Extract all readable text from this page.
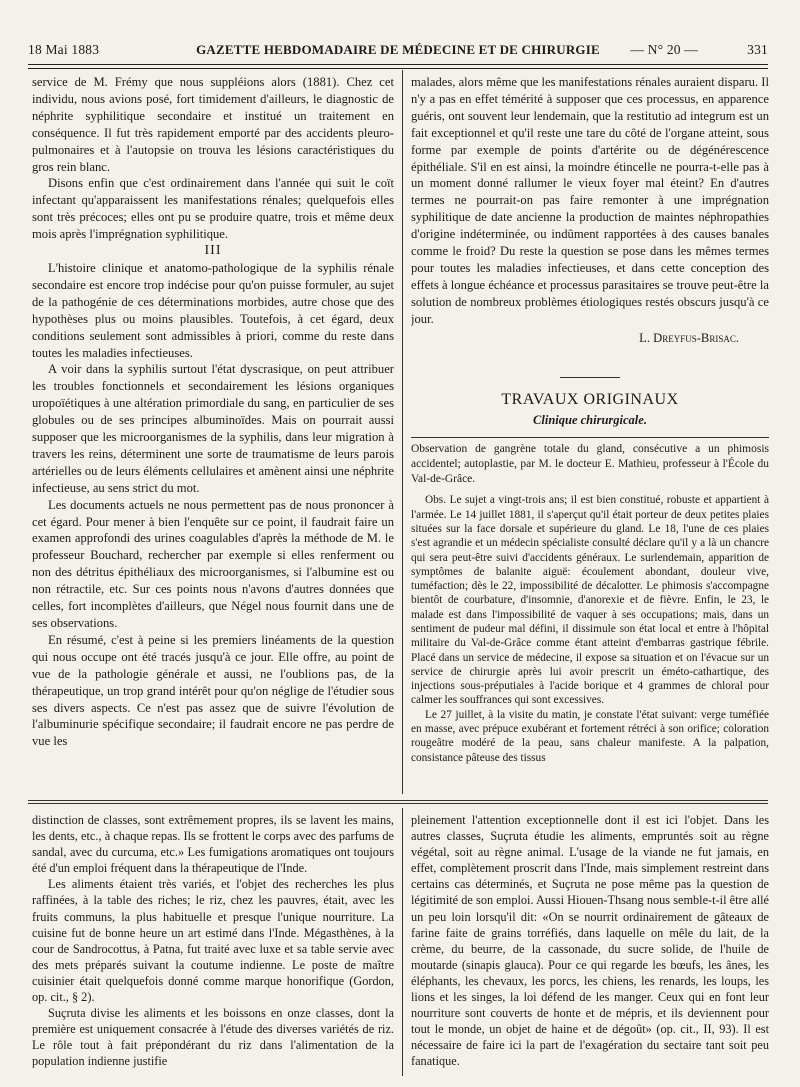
18 Mai 1883	GAZETTE HEBDOMADAIRE DE MÉDECINE ET DE CHIRURGIE	— N° 20 —	331

service de M. Frémy que nous suppléions alors (1881). Chez cet individu, nous avions posé, fort timidement d'ailleurs, le diagnostic de néphrite syphilitique secondaire et institué un traitement en conséquence. Il fut très rapidement emporté par des accidents pleuro-pulmonaires et à l'autopsie on trouva les lésions caractéristiques du gros rein blanc.

Disons enfin que c'est ordinairement dans l'année qui suit le coït infectant qu'apparaissent les manifestations rénales; quelquefois elles sont très précoces; elles ont pu se produire quatre, trois et même deux mois après l'imprégnation syphilitique.

III

L'histoire clinique et anatomo-pathologique de la syphilis rénale secondaire est encore trop indécise pour qu'on puisse formuler, au sujet de la pathogénie de ces déterminations morbides, autre chose que des hypothèses plus ou moins plausibles. Toutefois, à cet égard, deux conditions seulement sont admissibles à priori, comme du reste dans toutes les maladies infectieuses.

A voir dans la syphilis surtout l'état dyscrasique, on peut attribuer les troubles fonctionnels et secondairement les lésions organiques uropoïétiques à une altération primordiale du sang, en particulier de ses globules ou de ses principes albuminoïdes. Mais on pourrait aussi supposer que les microorganismes de la syphilis, dans leur migration à travers les reins, déterminent une sorte de traumatisme de leurs parois artérielles ou de leurs éléments cellulaires et amènent ainsi une néphrite infectieuse, au sens strict du mot.

Les documents actuels ne nous permettent pas de nous prononcer à cet égard. Pour mener à bien l'enquête sur ce point, il faudrait faire un examen approfondi des urines coagulables d'après la méthode de M. le professeur Bouchard, rechercher par exemple si elles renferment ou non des détritus épithéliaux des microorganismes, si l'albumine est ou non rétractile, etc. Sur ces points nous n'avons d'autres données que celles, fort incomplètes d'ailleurs, que Négel nous fournit dans une de ses observations.

En résumé, c'est à peine si les premiers linéaments de la question qui nous occupe ont été tracés jusqu'à ce jour. Elle offre, au point de vue de la pathologie générale et aussi, ne l'oublions pas, de la thérapeutique, un trop grand intérêt pour qu'on néglige de l'étudier sous ses divers aspects. Ce n'est pas assez que de suivre l'évolution de l'albuminurie spécifique secondaire; il faudrait encore ne pas perdre de vue les

malades, alors même que les manifestations rénales auraient disparu. Il n'y a pas en effet témérité à supposer que ces processus, en apparence guéris, ont souvent leur lendemain, que la restitutio ad integrum est un fait exceptionnel et qu'il reste une tare du côté de l'organe atteint, sous forme par exemple de points d'artérite ou de dégénérescence épithéliale. S'il en est ainsi, la moindre étincelle ne pourra-t-elle pas à un moment donné rallumer le vieux foyer mal éteint? En d'autres termes ne pourrait-on pas faire remonter à une imprégnation syphilitique de date ancienne la production de maintes néphropathies d'origine indéterminée, ou indûment rapportées à des causes banales comme le froid? Du reste la question se pose dans les mêmes termes pour toutes les maladies infectieuses, et dans cette conception des effets à longue échéance et processus parasitaires se trouve peut-être la solution de nombreux problèmes étiologiques restés obscurs jusqu'à ce jour.

L. Dreyfus-Brisac.
TRAVAUX ORIGINAUX
Clinique chirurgicale.
Observation de gangrène totale du gland, consécutive a un phimosis accidentel; autoplastie, par M. le docteur E. Mathieu, professeur à l'École du Val-de-Grâce.

Obs. Le sujet a vingt-trois ans; il est bien constitué, robuste et appartient à l'armée. Le 14 juillet 1881, il s'aperçut qu'il était porteur de deux petites plaies situées sur la face dorsale et supérieure du gland. Le 18, l'une de ces plaies s'est agrandie et un médecin spécialiste consulté déclare qu'il y a là un chancre qui sera peut-être suivi d'accidents généraux. Le surlendemain, apparition de symptômes de balanite aiguë: écoulement abondant, douleur vive, tuméfaction; dès le 22, impossibilité de décalotter. Le phimosis s'accompagne bientôt de courbature, d'insomnie, d'anorexie et de fièvre. Enfin, le 23, le malade est dans l'impossibilité de vaquer à ses occupations; mais, dans un sentiment de pudeur mal défini, il dissimule son état local et entre à l'hôpital militaire du Val-de-Grâce comme étant atteint d'embarras gastrique fébrile. Placé dans un service de médecine, il expose sa situation et on l'évacue sur un service de chirurgie après lui avoir prescrit un éméto-cathartique, des injections sous-préputiales à l'acide borique et 4 grammes de chloral pour calmer les souffrances qui sont excessives.

Le 27 juillet, à la visite du matin, je constate l'état suivant: verge tuméfiée en masse, avec prépuce exubérant et fortement rétréci à son orifice; coloration rougeâtre modéré de la peau, sans chaleur manifeste. A la palpation, consistance pâteuse des tissus

distinction de classes, sont extrêmement propres, ils se lavent les mains, les dents, etc., à chaque repas. Ils se frottent le corps avec des parfums de sandal, avec du curcuma, etc.» Les fumigations aromatiques ont toujours été d'un emploi fréquent dans la thérapeutique de l'Inde.

Les aliments étaient très variés, et l'objet des recherches les plus raffinées, à la table des riches; le riz, chez les pauvres, était, avec les fruits communs, la plus habituelle et presque l'unique nourriture. La cuisine fut de bonne heure un art estimé dans l'Inde. Mégasthènes, à la cour de Sandrocottus, à Patna, fut traité avec luxe et sa table servie avec des mets préparés suivant la coutume indienne. Le poste de maître cuisinier était quelquefois donné comme marque honorifique (Gordon, op. cit., § 2).

Suçruta divise les aliments et les boissons en onze classes, dont la première est uniquement consacrée à l'étude des diverses variétés de riz. Le rôle tout à fait prépondérant du riz dans l'alimentation de la population indienne justifie

pleinement l'attention exceptionnelle dont il est ici l'objet. Dans les autres classes, Suçruta étudie les aliments, empruntés soit au règne végétal, soit au règne animal. L'usage de la viande ne fut jamais, en effet, complètement proscrit dans l'Inde, mais simplement restreint dans certains cas déterminés, et Suçruta ne pose même pas la question de légitimité de son emploi. Aussi Hiouen-Thsang nous semble-t-il être allé un peu loin lorsqu'il dit: «On se nourrit ordinairement de gâteaux de farine faite de grains torréfiés, dans laquelle on mêle du lait, de la crème, du beurre, de la cassonade, du sucre solide, de l'huile de moutarde (sinapis glauca). Pour ce qui regarde les bœufs, les ânes, les éléphants, les chevaux, les porcs, les chiens, les renards, les loups, les lions et les singes, la loi défend de les manger. Ceux qui en font leur nourriture sont couverts de honte et de mépris, et ils deviennent pour tout le monde, un objet de haine et de dégoût» (op. cit., II, 93). Il est nécessaire de faire ici la part de l'exagération du sectaire tant soit peu fanatique.
